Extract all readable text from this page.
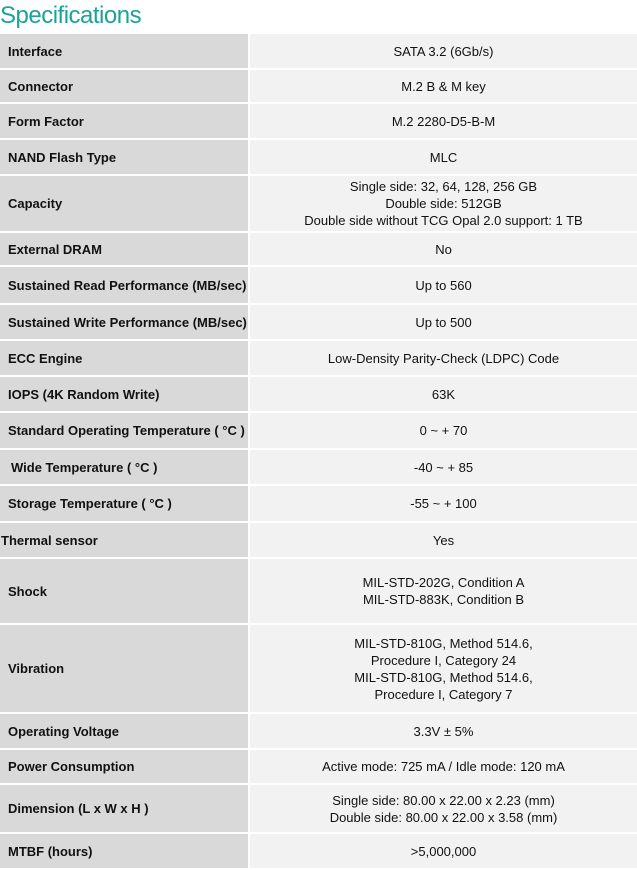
Specifications
Interface	SATA 3.2 (6Gb/s)

Connector	M.2 B & M key

Form Factor	M.2 2280-D5-B-M

NAND Flash Type	MLC

Capacity	Single side: 32, 64, 128, 256 GB
Double side: 512GB
Double side without TCG Opal 2.0 support: 1 TB

External DRAM	No

Sustained Read Performance (MB/sec)	Up to 560

Sustained Write Performance (MB/sec)	Up to 500

ECC Engine	Low-Density Parity-Check (LDPC) Code

IOPS (4K Random Write)	63K

Standard Operating Temperature ( °C )	0 ~ + 70

Wide Temperature ( °C )	-40 ~ + 85

Storage Temperature ( °C )	-55 ~ + 100

Thermal sensor	Yes

Shock	MIL-STD-202G, Condition A
MIL-STD-883K, Condition B

Vibration	MIL-STD-810G, Method 514.6,
Procedure I, Category 24
MIL-STD-810G, Method 514.6,
Procedure I, Category 7

Operating Voltage	3.3V ± 5%

Power Consumption	Active mode: 725 mA / Idle mode: 120 mA

Dimension (L x W x H )	Single side: 80.00 x 22.00 x 2.23 (mm)
Double side: 80.00 x 22.00 x 3.58 (mm)

MTBF (hours)	>5,000,000
